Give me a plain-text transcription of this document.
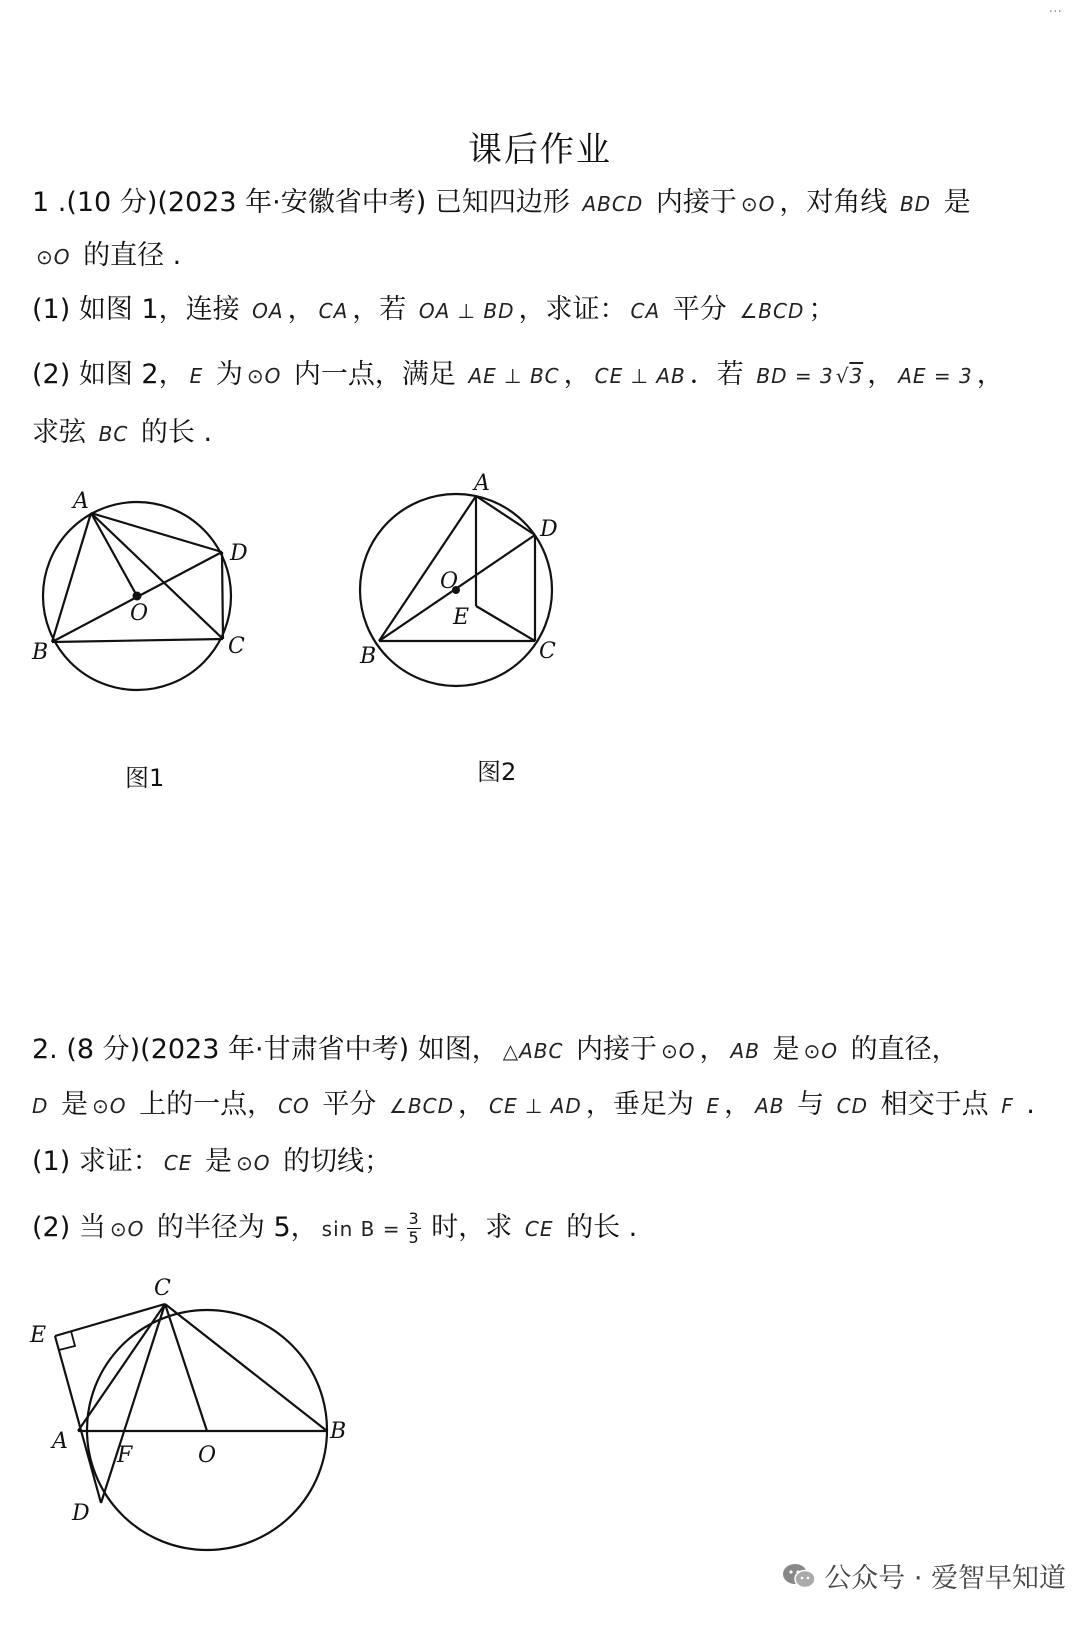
...
课后作业
1 .(10 分)(2023 年·安徽省中考) 已知四边形 ABCD 内接于 ⊙O ，对角线 BD 是
⊙O 的直径 .
(1) 如图 1，连接 OA ， CA ，若 OA ⊥ BD ，求证： CA 平分 ∠BCD ；
(2) 如图 2， E 为 ⊙O 内一点，满足 AE ⊥ BC ， CE ⊥ AB ．若 BD = 3 √3 ， AE = 3 ，
求弦 BC 的长 .
A
B	C
D
O
图1
A
B	C
D
O
E
图2
2. (8 分)(2023 年·甘肃省中考) 如图， △ABC 内接于 ⊙O ， AB 是 ⊙O 的直径，
D 是 ⊙O 上的一点， CO 平分 ∠BCD ， CE ⊥ AD ，垂足为 E ， AB 与 CD 相交于点 F .
(1) 求证： CE 是 ⊙O 的切线；
(2) 当 ⊙O 的半径为 5， $\sin B = \frac{3}{5}$ 时，求 CE 的长 .
C
E
A
F	O
B
D
公众号 · 爱智早知道
